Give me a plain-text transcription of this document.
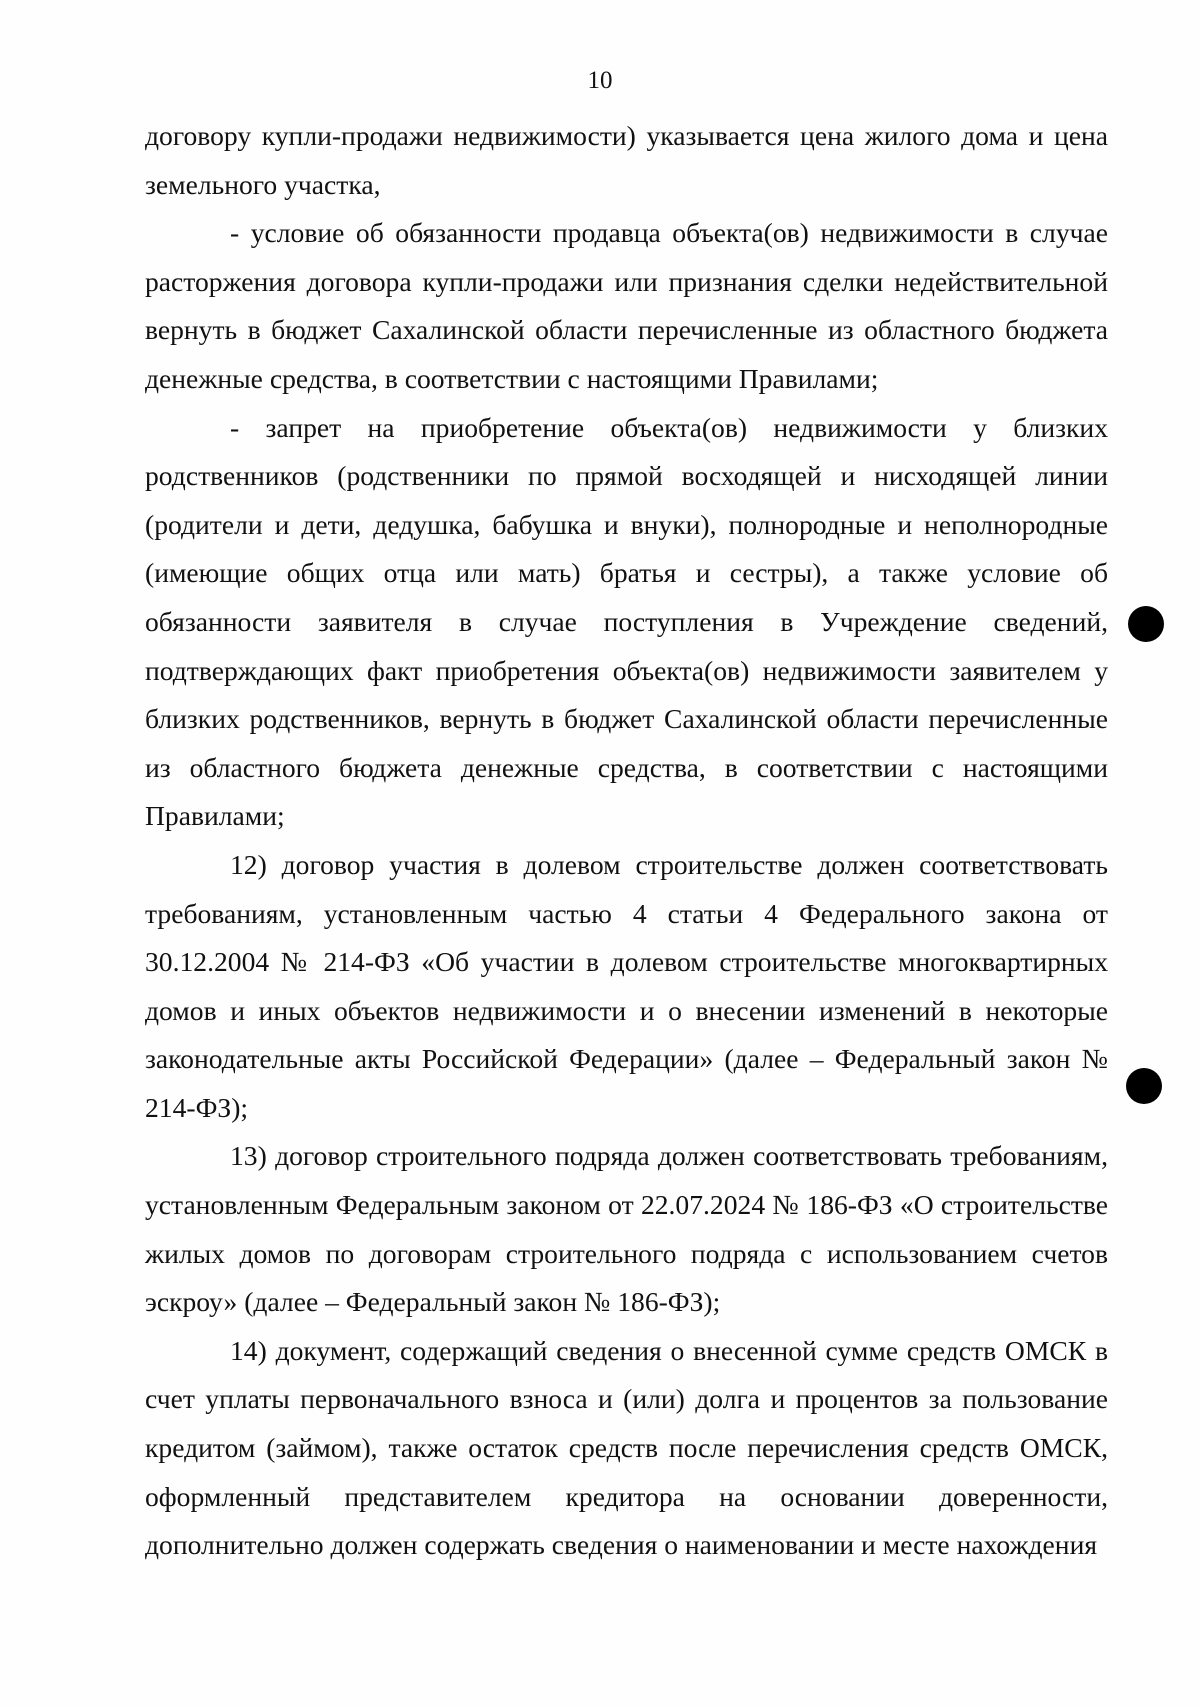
10

договору купли-продажи недвижимости) указывается цена жилого дома и цена земельного участка,

- условие об обязанности продавца объекта(ов) недвижимости в случае расторжения договора купли-продажи или признания сделки недействительной вернуть в бюджет Сахалинской области перечисленные из областного бюджета денежные средства, в соответствии с настоящими Правилами;

- запрет на приобретение объекта(ов) недвижимости у близких родственников (родственники по прямой восходящей и нисходящей линии (родители и дети, дедушка, бабушка и внуки), полнородные и неполнородные (имеющие общих отца или мать) братья и сестры), а также условие об обязанности заявителя в случае поступления в Учреждение сведений, подтверждающих факт приобретения объекта(ов) недвижимости заявителем у близких родственников, вернуть в бюджет Сахалинской области перечисленные из областного бюджета денежные средства, в соответствии с настоящими Правилами;

12) договор участия в долевом строительстве должен соответствовать требованиям, установленным частью 4 статьи 4 Федерального закона от 30.12.2004 № 214-ФЗ «Об участии в долевом строительстве многоквартирных домов и иных объектов недвижимости и о внесении изменений в некоторые законодательные акты Российской Федерации» (далее – Федеральный закон № 214-ФЗ);

13) договор строительного подряда должен соответствовать требованиям, установленным Федеральным законом от 22.07.2024 № 186-ФЗ «О строительстве жилых домов по договорам строительного подряда с использованием счетов эскроу» (далее – Федеральный закон № 186-ФЗ);

14) документ, содержащий сведения о внесенной сумме средств ОМСК в счет уплаты первоначального взноса и (или) долга и процентов за пользование кредитом (займом), также остаток средств после перечисления средств ОМСК, оформленный представителем кредитора на основании доверенности, дополнительно должен содержать сведения о наименовании и месте нахождения
